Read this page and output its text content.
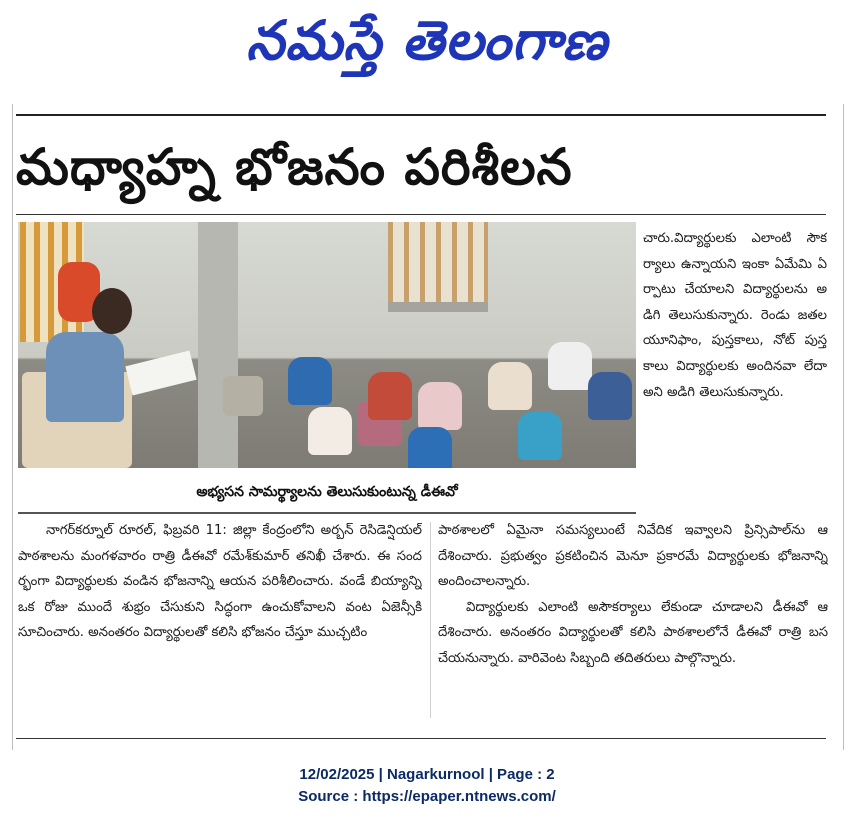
నమస్తే తెలంగాణ
మధ్యాహ్న భోజనం పరిశీలన
అభ్యసన సామర్థ్యాలను తెలుసుకుంటున్న డీఈవో
చారు.విద్యార్థులకు ఎలాంటి సౌకర్యాలు ఉన్నాయని ఇంకా ఏమేమి ఏర్పాటు చేయాలని విద్యార్థులను అడిగి తెలుసుకున్నారు. రెండు జతల యూనిఫాం, పుస్తకాలు, నోట్ పుస్తకాలు విద్యార్థులకు అందినవా లేదా అని అడిగి తెలుసుకున్నారు.

నాగర్‌కర్నూల్ రూరల్, ఫిబ్రవరి 11: జిల్లా కేంద్రంలోని అర్బన్ రెసిడెన్షియల్ పాఠశాలను మంగళవారం రాత్రి డీఈవో రమేశ్‌కుమార్ తనిఖీ చేశారు. ఈ సందర్భంగా విద్యార్థులకు వండిన భోజనాన్ని ఆయన పరిశీలించారు. వండే బియ్యాన్ని ఒక రోజు ముందే శుభ్రం చేసుకుని సిద్ధంగా ఉంచుకోవాలని వంట ఏజెన్సీకి సూచించారు. అనంతరం విద్యార్థులతో కలిసి భోజనం చేస్తూ ముచ్చటిం

పాఠశాలలో ఏమైనా సమస్యలుంటే నివేదిక ఇవ్వాలని ప్రిన్సిపాల్‌ను ఆదేశించారు. ప్రభుత్వం ప్రకటించిన మెనూ ప్రకారమే విద్యార్థులకు భోజనాన్ని అందించాలన్నారు.

విద్యార్థులకు ఎలాంటి అసౌకర్యాలు లేకుండా చూడాలని డీఈవో ఆదేశించారు. అనంతరం విద్యార్థులతో కలిసి పాఠశాలలోనే డీఈవో రాత్రి బస చేయనున్నారు. వారివెంట సిబ్బంది తదితరులు పాల్గొన్నారు.

12/02/2025 | Nagarkurnool | Page : 2
Source : https://epaper.ntnews.com/
